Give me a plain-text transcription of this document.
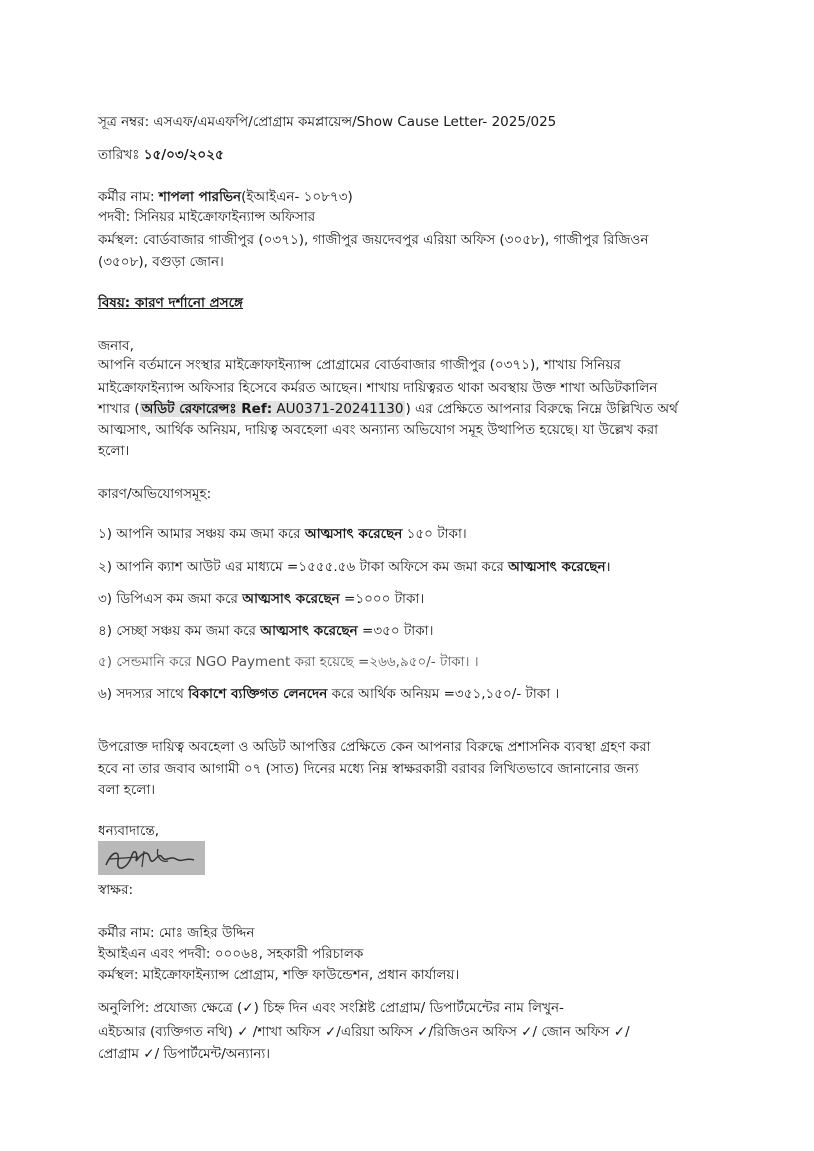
সূত্র নম্বর: এসএফ/এমএফপি/প্রোগ্রাম কমপ্লায়েন্স/Show Cause Letter- 2025/025
তারিখঃ ১৫/০৩/২০২৫
কর্মীর নাম: শাপলা পারভিন(ইআইএন- ১০৮৭৩)
পদবী: সিনিয়র মাইক্রোফাইন্যান্স অফিসার
কর্মস্থল: বোর্ডবাজার গাজীপুর (০৩৭১), গাজীপুর জয়দেবপুর এরিয়া অফিস (৩০৫৮), গাজীপুর রিজিওন
(৩৫০৮), বগুড়া জোন।
বিষয়: কারণ দর্শানো প্রসঙ্গে
জনাব,
আপনি বর্তমানে সংস্থার মাইক্রোফাইন্যান্স প্রোগ্রামের বোর্ডবাজার গাজীপুর (০৩৭১), শাখায় সিনিয়র
মাইক্রোফাইন্যান্স অফিসার হিসেবে কর্মরত আছেন। শাখায় দায়িত্বরত থাকা অবস্থায় উক্ত শাখা অডিটকালিন
শাখার ( অডিট রেফারেন্সঃ Ref: AU0371-20241130 ) এর প্রেক্ষিতে আপনার বিরুদ্ধে নিম্নে উল্লিখিত অর্থ
আত্মসাৎ, আর্থিক অনিয়ম, দায়িত্ব অবহেলা এবং অন্যান্য অভিযোগ সমূহ উত্থাপিত হয়েছে। যা উল্লেখ করা
হলো।
কারণ/অভিযোগসমূহ:
১) আপনি আমার সঞ্চয় কম জমা করে আত্মসাৎ করেছেন ১৫০ টাকা।
২) আপনি ক্যাশ আউট এর মাধ্যমে =১৫৫৫.৫৬ টাকা অফিসে কম জমা করে আত্মসাৎ করেছেন।
৩) ডিপিএস কম জমা করে আত্মসাৎ করেছেন =১০০০ টাকা।
৪) সেচ্ছা সঞ্চয় কম জমা করে আত্মসাৎ করেছেন =৩৫০ টাকা।
৫) সেন্ডমানি করে NGO Payment করা হয়েছে =২৬৬,৯৫০/- টাকা। ।
৬) সদস্যর সাথে বিকাশে ব্যক্তিগত লেনদেন করে আর্থিক অনিয়ম =৩৫১,১৫০/- টাকা ।
উপরোক্ত দায়িত্ব অবহেলা ও অডিট আপত্তির প্রেক্ষিতে কেন আপনার বিরুদ্ধে প্রশাসনিক ব্যবস্থা গ্রহণ করা
হবে না তার জবাব আগামী ০৭ (সাত) দিনের মধ্যে নিম্ন স্বাক্ষরকারী বরাবর লিখিতভাবে জানানোর জন্য
বলা হলো।
ধন্যবাদান্তে,
স্বাক্ষর:
কর্মীর নাম: মোঃ জহির উদ্দিন
ইআইএন এবং পদবী: ০০০৬৪, সহকারী পরিচালক
কর্মস্থল: মাইক্রোফাইন্যান্স প্রোগ্রাম, শক্তি ফাউন্ডেশন, প্রধান কার্যালয়।
অনুলিপি: প্রযোজ্য ক্ষেত্রে (✓) চিহ্ন দিন এবং সংশ্লিষ্ট প্রোগ্রাম/ ডিপার্টমেন্টের নাম লিখুন-
এইচআর (ব্যক্তিগত নথি) ✓ /শাখা অফিস ✓/এরিয়া অফিস ✓/রিজিওন অফিস ✓/ জোন অফিস ✓/
প্রোগ্রাম ✓/ ডিপার্টমেন্ট/অন্যান্য।
